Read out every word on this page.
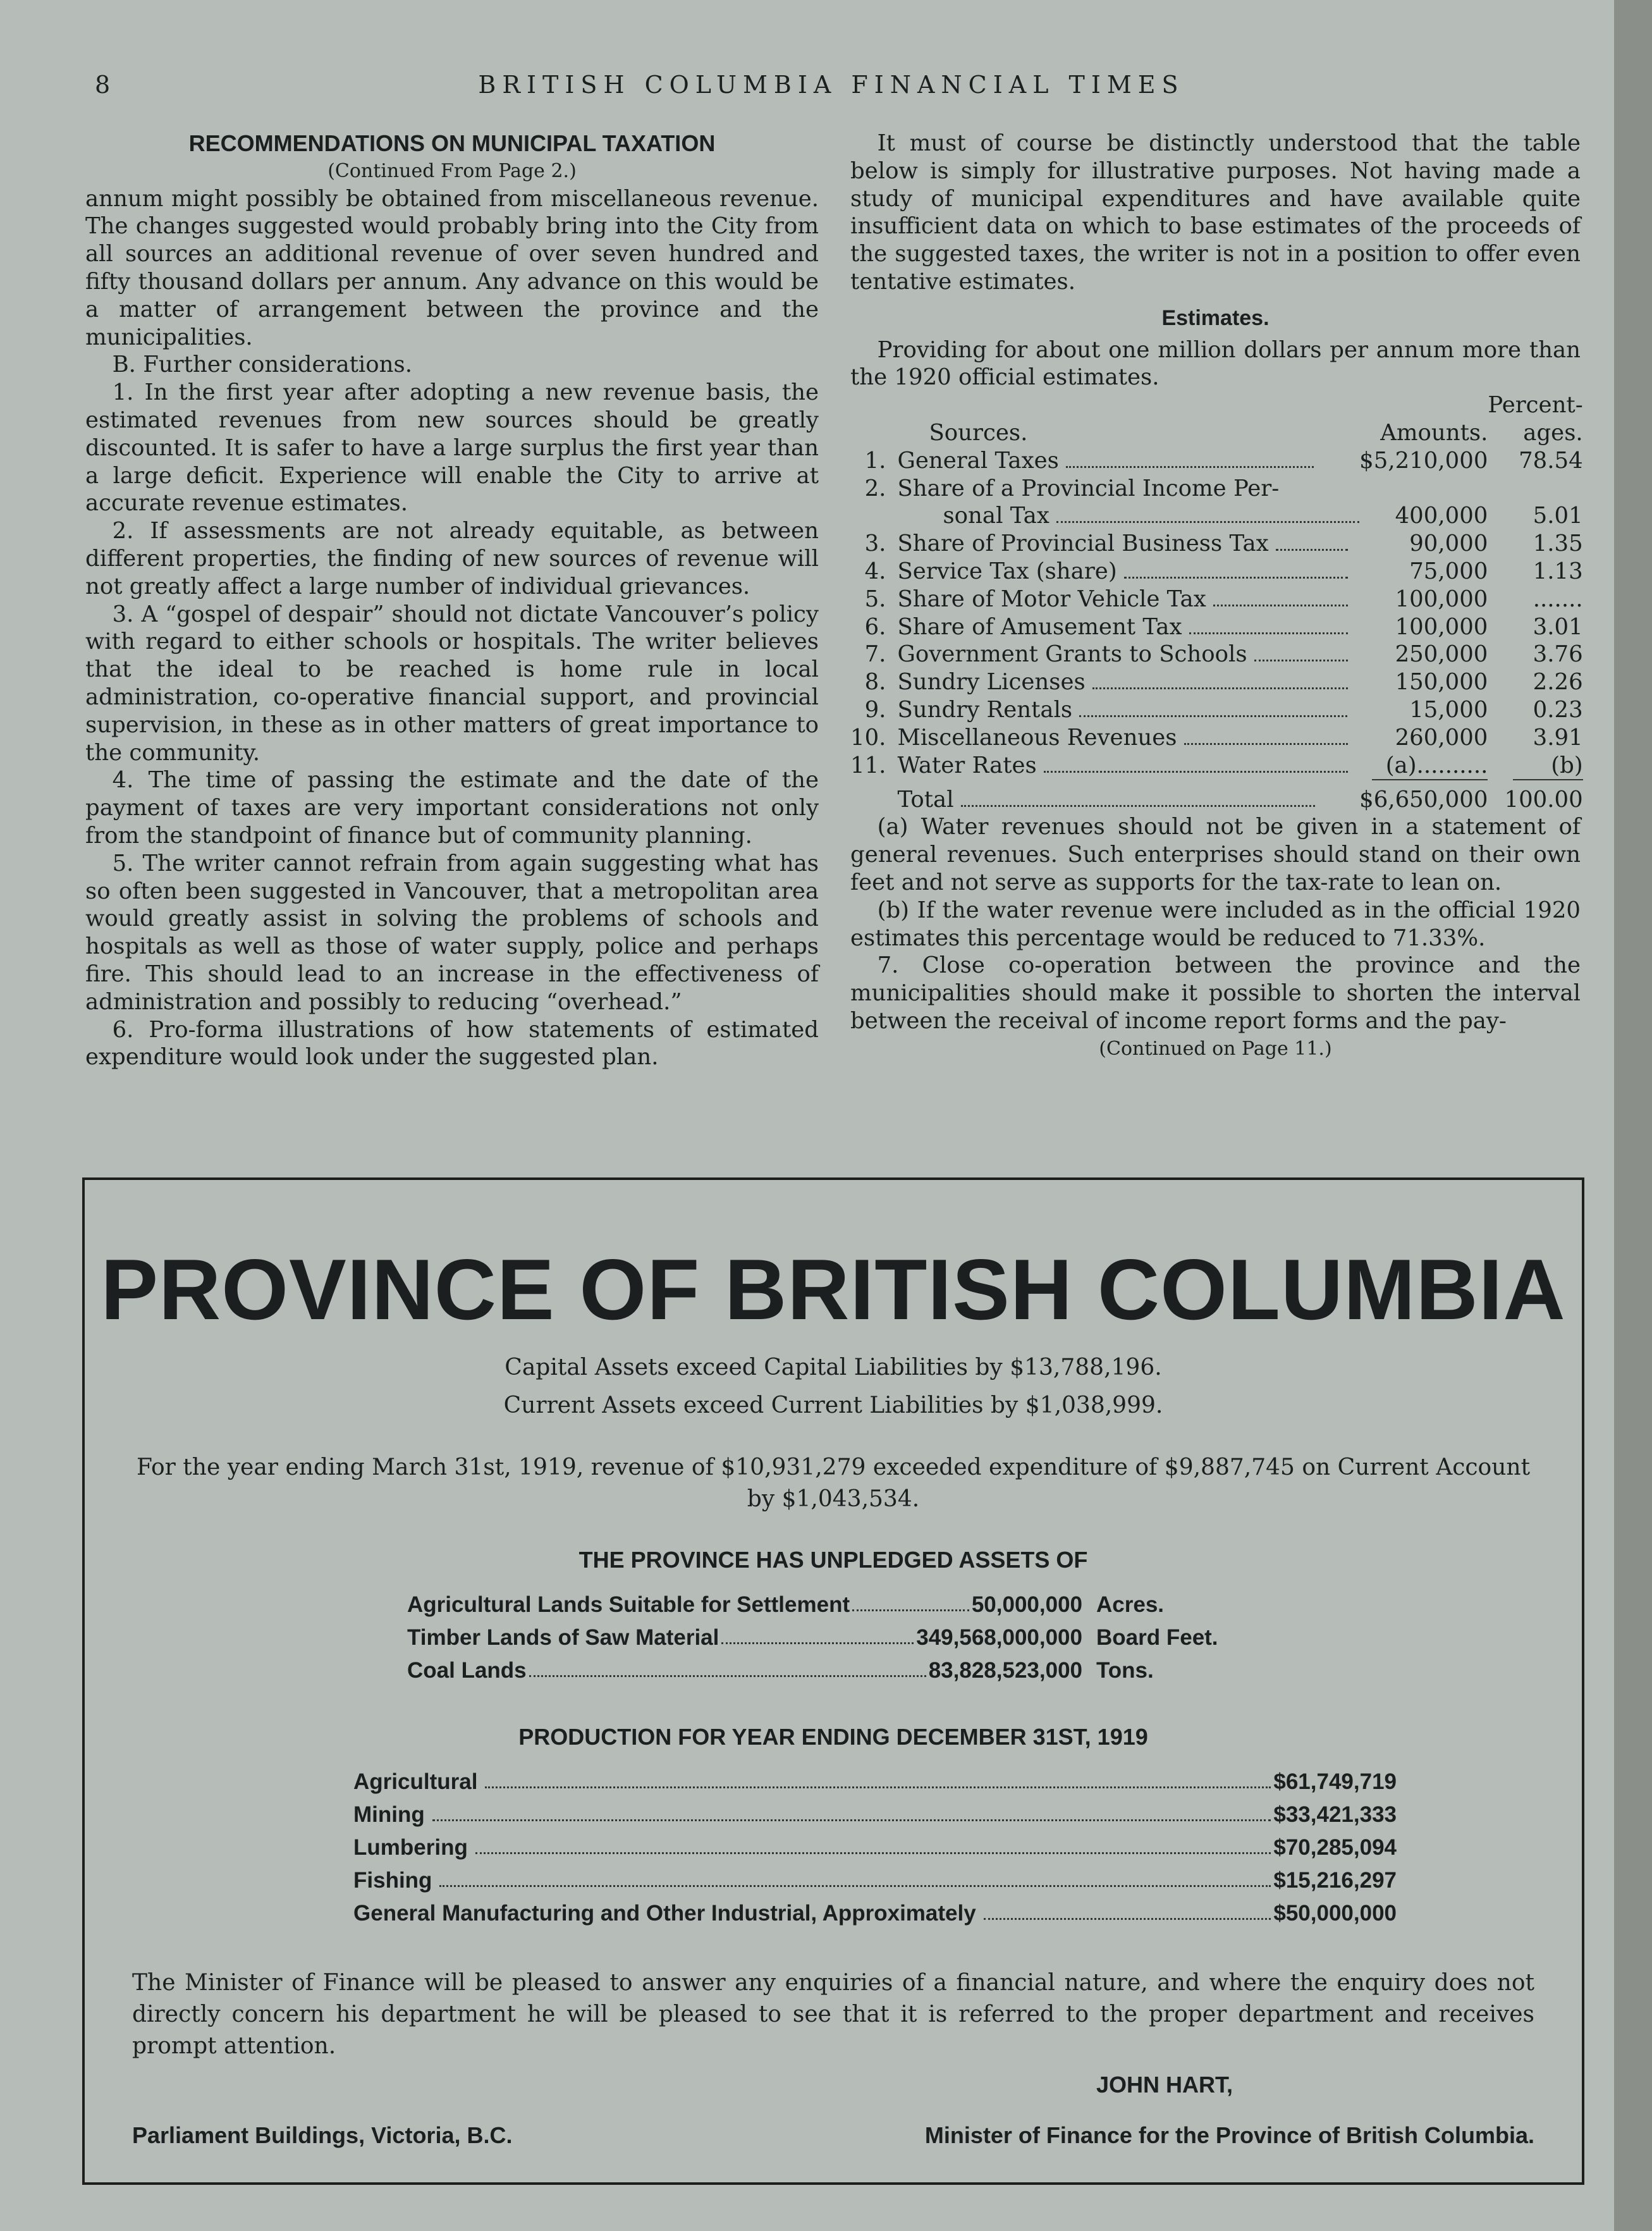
8	BRITISH COLUMBIA FINANCIAL TIMES

RECOMMENDATIONS ON MUNICIPAL TAXATION

(Continued From Page 2.)

annum might possibly be obtained from miscellaneous revenue. The changes suggested would probably bring into the City from all sources an additional revenue of over seven hundred and fifty thousand dollars per annum. Any advance on this would be a matter of arrangement between the province and the municipalities.

B. Further considerations.

1. In the first year after adopting a new revenue basis, the estimated revenues from new sources should be greatly discounted. It is safer to have a large surplus the first year than a large deficit. Experience will enable the City to arrive at accurate revenue estimates.

2. If assessments are not already equitable, as between different properties, the finding of new sources of revenue will not greatly affect a large number of individual grievances.

3. A “gospel of despair” should not dictate Vancouver’s policy with regard to either schools or hospitals. The writer believes that the ideal to be reached is home rule in local administration, co-operative financial support, and provincial supervision, in these as in other matters of great importance to the community.

4. The time of passing the estimate and the date of the payment of taxes are very important considerations not only from the standpoint of finance but of community planning.

5. The writer cannot refrain from again suggesting what has so often been suggested in Vancouver, that a metropolitan area would greatly assist in solving the problems of schools and hospitals as well as those of water supply, police and perhaps fire. This should lead to an increase in the effectiveness of administration and possibly to reducing “overhead.”

6. Pro-forma illustrations of how statements of estimated expenditure would look under the suggested plan.

It must of course be distinctly understood that the table below is simply for illustrative purposes. Not having made a study of municipal expenditures and have available quite insufficient data on which to base estimates of the proceeds of the suggested taxes, the writer is not in a position to offer even tentative estimates.

Estimates.

Providing for about one million dollars per annum more than the 1920 official estimates.

			Percent-
	Sources.	Amounts.	ages.
1.	General Taxes	$5,210,000	78.54
2.	Share of a Provincial Income Per-		
	sonal Tax	400,000	5.01
3.	Share of Provincial Business Tax	90,000	1.35
4.	Service Tax (share)	75,000	1.13
5.	Share of Motor Vehicle Tax	100,000	.......
6.	Share of Amusement Tax	100,000	3.01
7.	Government Grants to Schools	250,000	3.76
8.	Sundry Licenses	150,000	2.26
9.	Sundry Rentals	15,000	0.23
10.	Miscellaneous Revenues	260,000	3.91
11.	Water Rates	(a)..........	(b)

	Total	$6,650,000	100.00

(a) Water revenues should not be given in a statement of general revenues. Such enterprises should stand on their own feet and not serve as supports for the tax-rate to lean on.

(b) If the water revenue were included as in the official 1920 estimates this percentage would be reduced to 71.33%.

7. Close co-operation between the province and the municipalities should make it possible to shorten the interval between the receival of income report forms and the pay-

(Continued on Page 11.)

PROVINCE OF BRITISH COLUMBIA
Capital Assets exceed Capital Liabilities by $13,788,196.
Current Assets exceed Current Liabilities by $1,038,999.
For the year ending March 31st, 1919, revenue of $10,931,279 exceeded expenditure of $9,887,745 on Current Account by $1,043,534.
THE PROVINCE HAS UNPLEDGED ASSETS OF
Agricultural Lands Suitable for Settlement	50,000,000 Acres.
Timber Lands of Saw Material	349,568,000,000 Board Feet.
Coal Lands	83,828,523,000 Tons.
PRODUCTION FOR YEAR ENDING DECEMBER 31ST, 1919
Agricultural	$61,749,719
Mining	$33,421,333
Lumbering	$70,285,094
Fishing	$15,216,297
General Manufacturing and Other Industrial, Approximately	$50,000,000
The Minister of Finance will be pleased to answer any enquiries of a financial nature, and where the enquiry does not directly concern his department he will be pleased to see that it is referred to the proper department and receives prompt attention.
JOHN HART,
Parliament Buildings, Victoria, B.C.	Minister of Finance for the Province of British Columbia.
